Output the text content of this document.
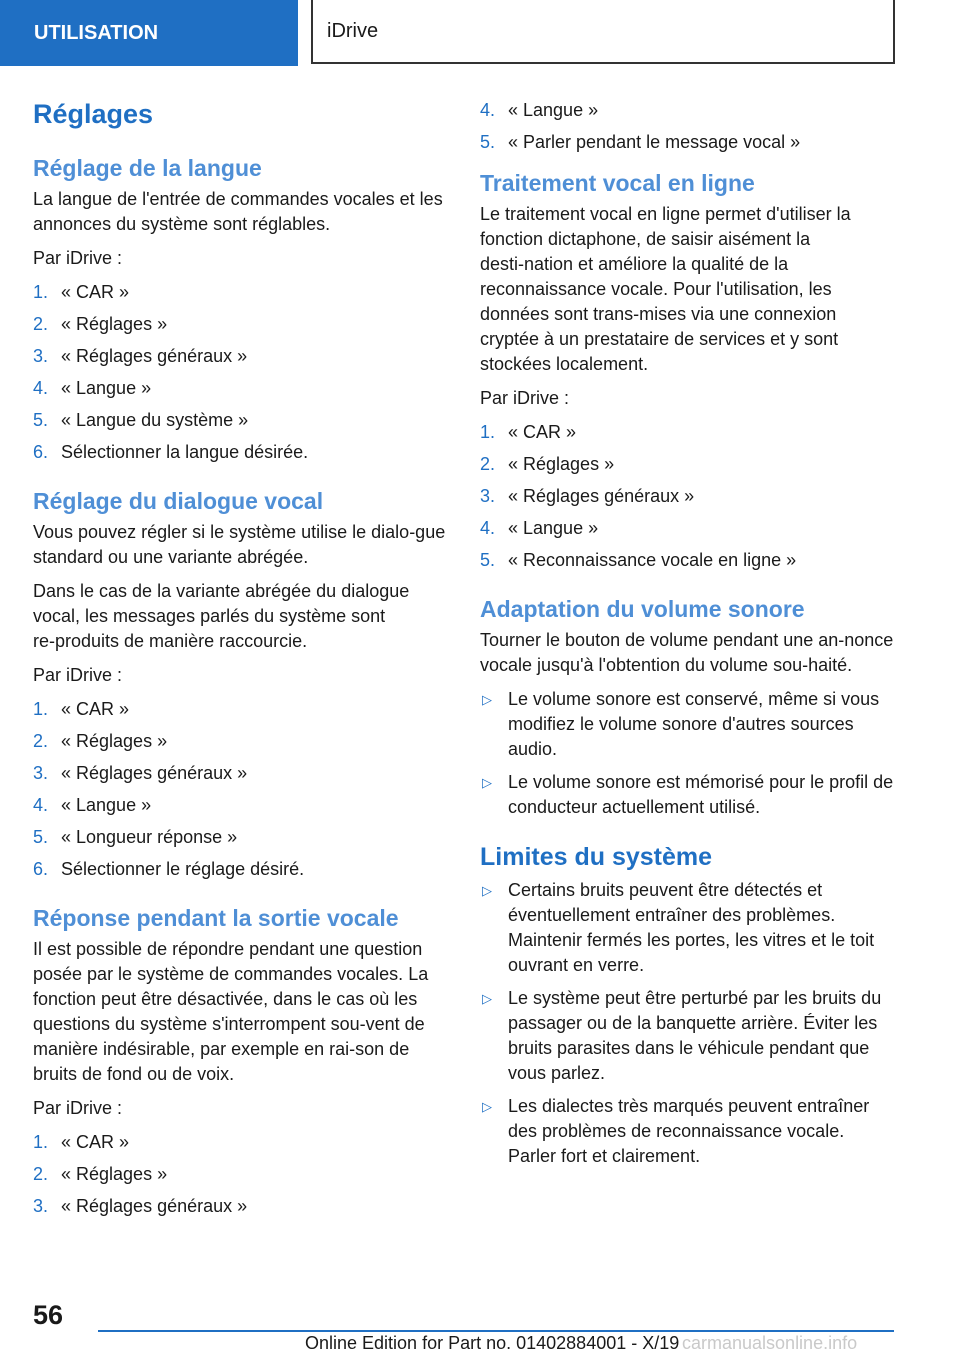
UTILISATION	iDrive
Réglages
Réglage de la langue

La langue de l'entrée de commandes vocales et les annonces du système sont réglables.

Par iDrive :

1. « CAR »
2. « Réglages »
3. « Réglages généraux »
4. « Langue »
5. « Langue du système »
6. Sélectionner la langue désirée.
Réglage du dialogue vocal

Vous pouvez régler si le système utilise le dialo‑gue standard ou une variante abrégée.

Dans le cas de la variante abrégée du dialogue vocal, les messages parlés du système sont re‑produits de manière raccourcie.

Par iDrive :

1. « CAR »
2. « Réglages »
3. « Réglages généraux »
4. « Langue »
5. « Longueur réponse »
6. Sélectionner le réglage désiré.
Réponse pendant la sortie vocale

Il est possible de répondre pendant une question posée par le système de commandes vocales. La fonction peut être désactivée, dans le cas où les questions du système s'interrompent sou‑vent de manière indésirable, par exemple en rai‑son de bruits de fond ou de voix.

Par iDrive :

1. « CAR »
2. « Réglages »
3. « Réglages généraux »
4. « Langue »
5. « Parler pendant le message vocal »
Traitement vocal en ligne

Le traitement vocal en ligne permet d'utiliser la fonction dictaphone, de saisir aisément la desti‑nation et améliore la qualité de la reconnaissance vocale. Pour l'utilisation, les données sont trans‑mises via une connexion cryptée à un prestataire de services et y sont stockées localement.

Par iDrive :

1. « CAR »
2. « Réglages »
3. « Réglages généraux »
4. « Langue »
5. « Reconnaissance vocale en ligne »
Adaptation du volume sonore

Tourner le bouton de volume pendant une an‑nonce vocale jusqu'à l'obtention du volume sou‑haité.

▷ Le volume sonore est conservé, même si vous modifiez le volume sonore d'autres sources audio.
▷ Le volume sonore est mémorisé pour le profil de conducteur actuellement utilisé.
Limites du système
▷ Certains bruits peuvent être détectés et éventuellement entraîner des problèmes. Maintenir fermés les portes, les vitres et le toit ouvrant en verre.
▷ Le système peut être perturbé par les bruits du passager ou de la banquette arrière. Éviter les bruits parasites dans le véhicule pendant que vous parlez.
▷ Les dialectes très marqués peuvent entraîner des problèmes de reconnaissance vocale. Parler fort et clairement.
56
Online Edition for Part no. 01402884001 - X/19 carmanualsonline.info
